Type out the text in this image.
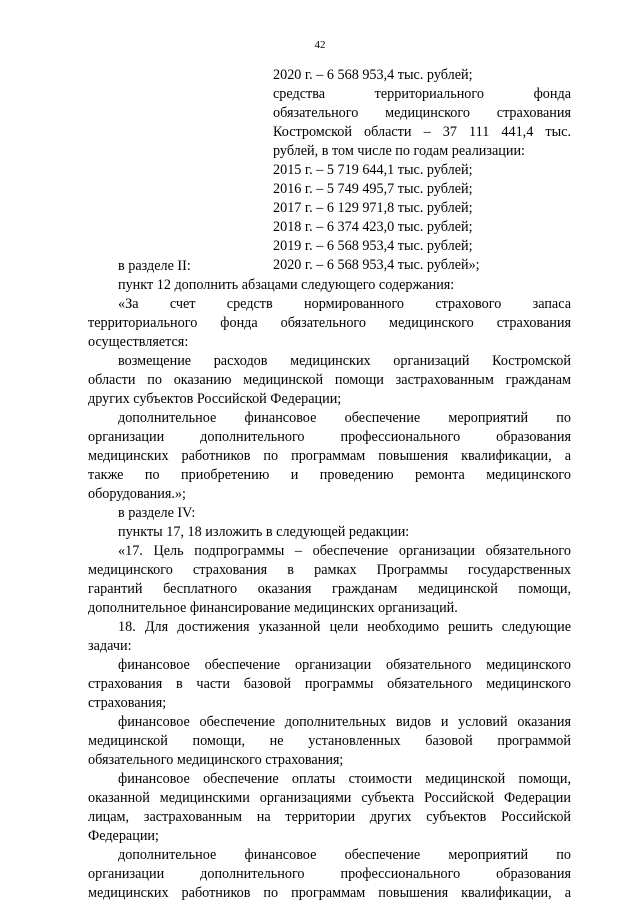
42
2020 г. – 6 568 953,4 тыс. рублей;
средства территориального фонда
обязательного медицинского страхования
Костромской области – 37 111 441,4 тыс.
рублей, в том числе по годам реализации:
2015 г. – 5 719 644,1 тыс. рублей;
2016 г. – 5 749 495,7 тыс. рублей;
2017 г. – 6 129 971,8 тыс. рублей;
2018 г. – 6 374 423,0 тыс. рублей;
2019 г. – 6 568 953,4 тыс. рублей;
2020 г. – 6 568 953,4 тыс. рублей»;
в разделе II:
пункт 12 дополнить абзацами следующего содержания:
«За счет средств нормированного страхового запаса
территориального фонда обязательного медицинского страхования
осуществляется:
возмещение расходов медицинских организаций Костромской
области по оказанию медицинской помощи застрахованным гражданам
других субъектов Российской Федерации;
дополнительное финансовое обеспечение мероприятий по
организации дополнительного профессионального образования
медицинских работников по программам повышения квалификации, а
также по приобретению и проведению ремонта медицинского
оборудования.»;
в разделе IV:
пункты 17, 18 изложить в следующей редакции:
«17. Цель подпрограммы – обеспечение организации обязательного
медицинского страхования в рамках Программы государственных
гарантий бесплатного оказания гражданам медицинской помощи,
дополнительное финансирование медицинских организаций.
18. Для достижения указанной цели необходимо решить следующие
задачи:
финансовое обеспечение организации обязательного медицинского
страхования в части базовой программы обязательного медицинского
страхования;
финансовое обеспечение дополнительных видов и условий оказания
медицинской помощи, не установленных базовой программой
обязательного медицинского страхования;
финансовое обеспечение оплаты стоимости медицинской помощи,
оказанной медицинскими организациями субъекта Российской Федерации
лицам, застрахованным на территории других субъектов Российской
Федерации;
дополнительное финансовое обеспечение мероприятий по
организации дополнительного профессионального образования
медицинских работников по программам повышения квалификации, а
